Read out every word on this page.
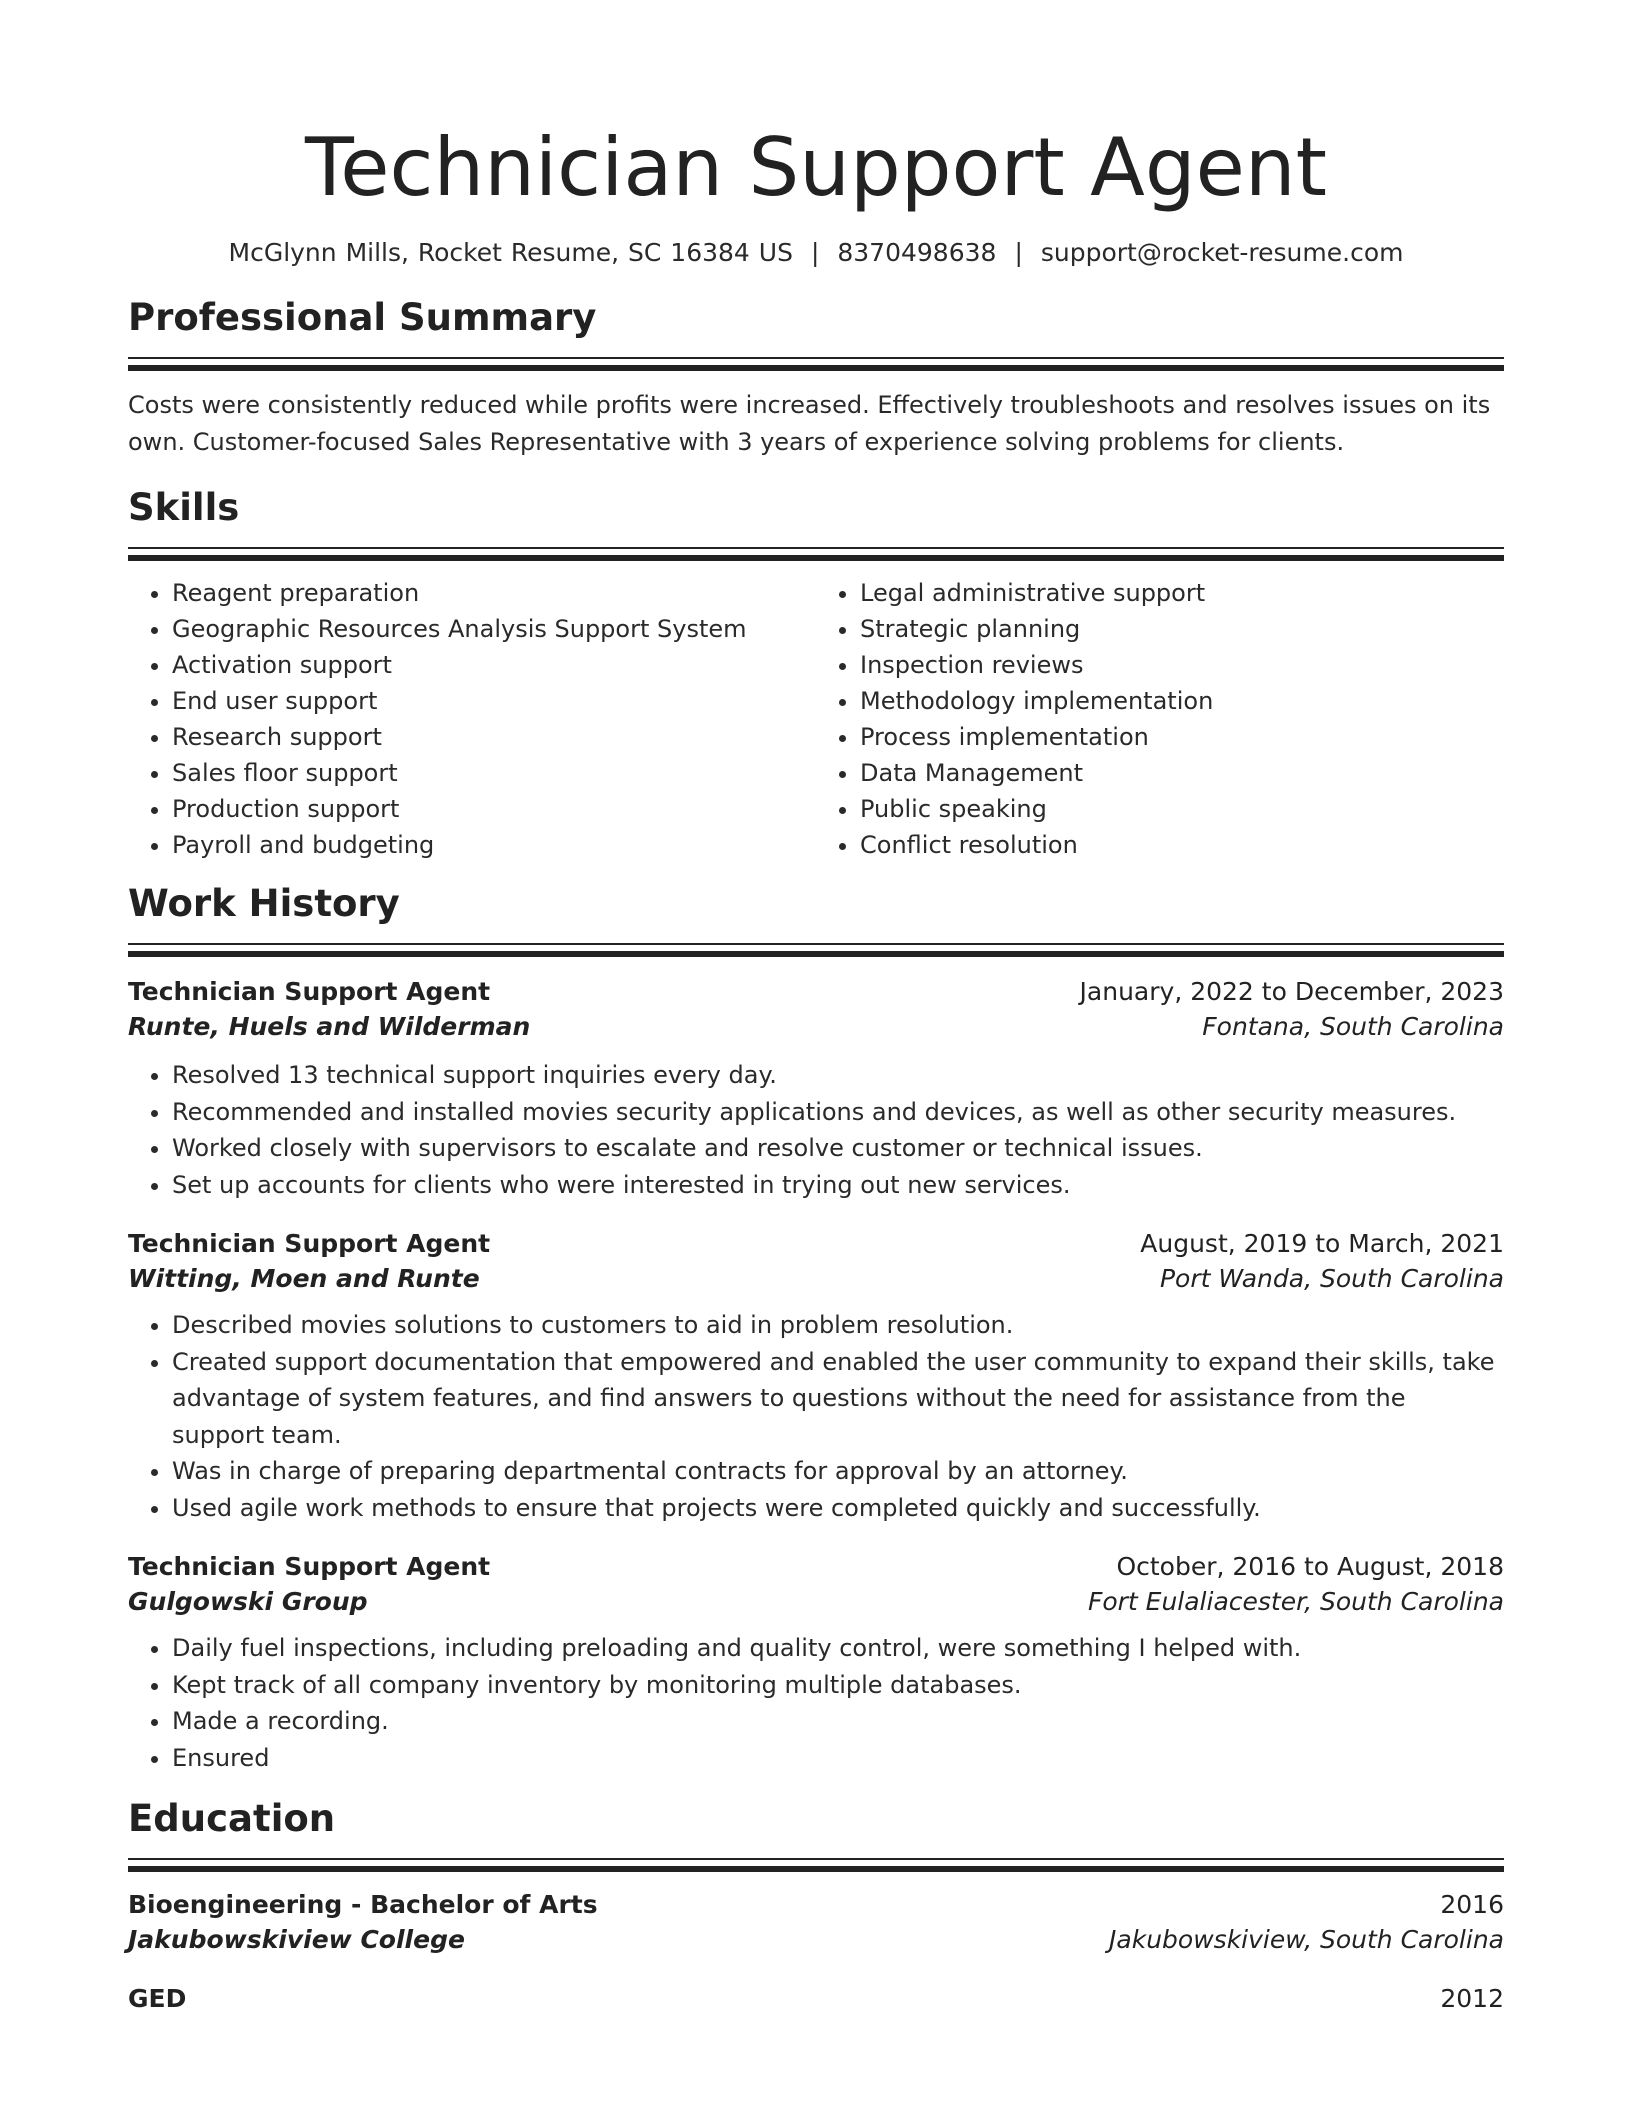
Technician Support Agent
McGlynn Mills, Rocket Resume, SC 16384 US | 8370498638 | support@rocket-resume.com
Professional Summary
Costs were consistently reduced while profits were increased. Effectively troubleshoots and resolves issues on its own. Customer-focused Sales Representative with 3 years of experience solving problems for clients.
Skills
• Reagent preparation
• Geographic Resources Analysis Support System
• Activation support
• End user support
• Research support
• Sales floor support
• Production support
• Payroll and budgeting
• Legal administrative support
• Strategic planning
• Inspection reviews
• Methodology implementation
• Process implementation
• Data Management
• Public speaking
• Conflict resolution
Work History
Technician Support Agent	January, 2022 to December, 2023
Runte, Huels and Wilderman	Fontana, South Carolina
• Resolved 13 technical support inquiries every day.
• Recommended and installed movies security applications and devices, as well as other security measures.
• Worked closely with supervisors to escalate and resolve customer or technical issues.
• Set up accounts for clients who were interested in trying out new services.
Technician Support Agent	August, 2019 to March, 2021
Witting, Moen and Runte	Port Wanda, South Carolina
• Described movies solutions to customers to aid in problem resolution.
• Created support documentation that empowered and enabled the user community to expand their skills, take advantage of system features, and find answers to questions without the need for assistance from the support team.
• Was in charge of preparing departmental contracts for approval by an attorney.
• Used agile work methods to ensure that projects were completed quickly and successfully.
Technician Support Agent	October, 2016 to August, 2018
Gulgowski Group	Fort Eulaliacester, South Carolina
• Daily fuel inspections, including preloading and quality control, were something I helped with.
• Kept track of all company inventory by monitoring multiple databases.
• Made a recording.
• Ensured
Education
Bioengineering - Bachelor of Arts	2016
Jakubowskiview College	Jakubowskiview, South Carolina
GED	2012
